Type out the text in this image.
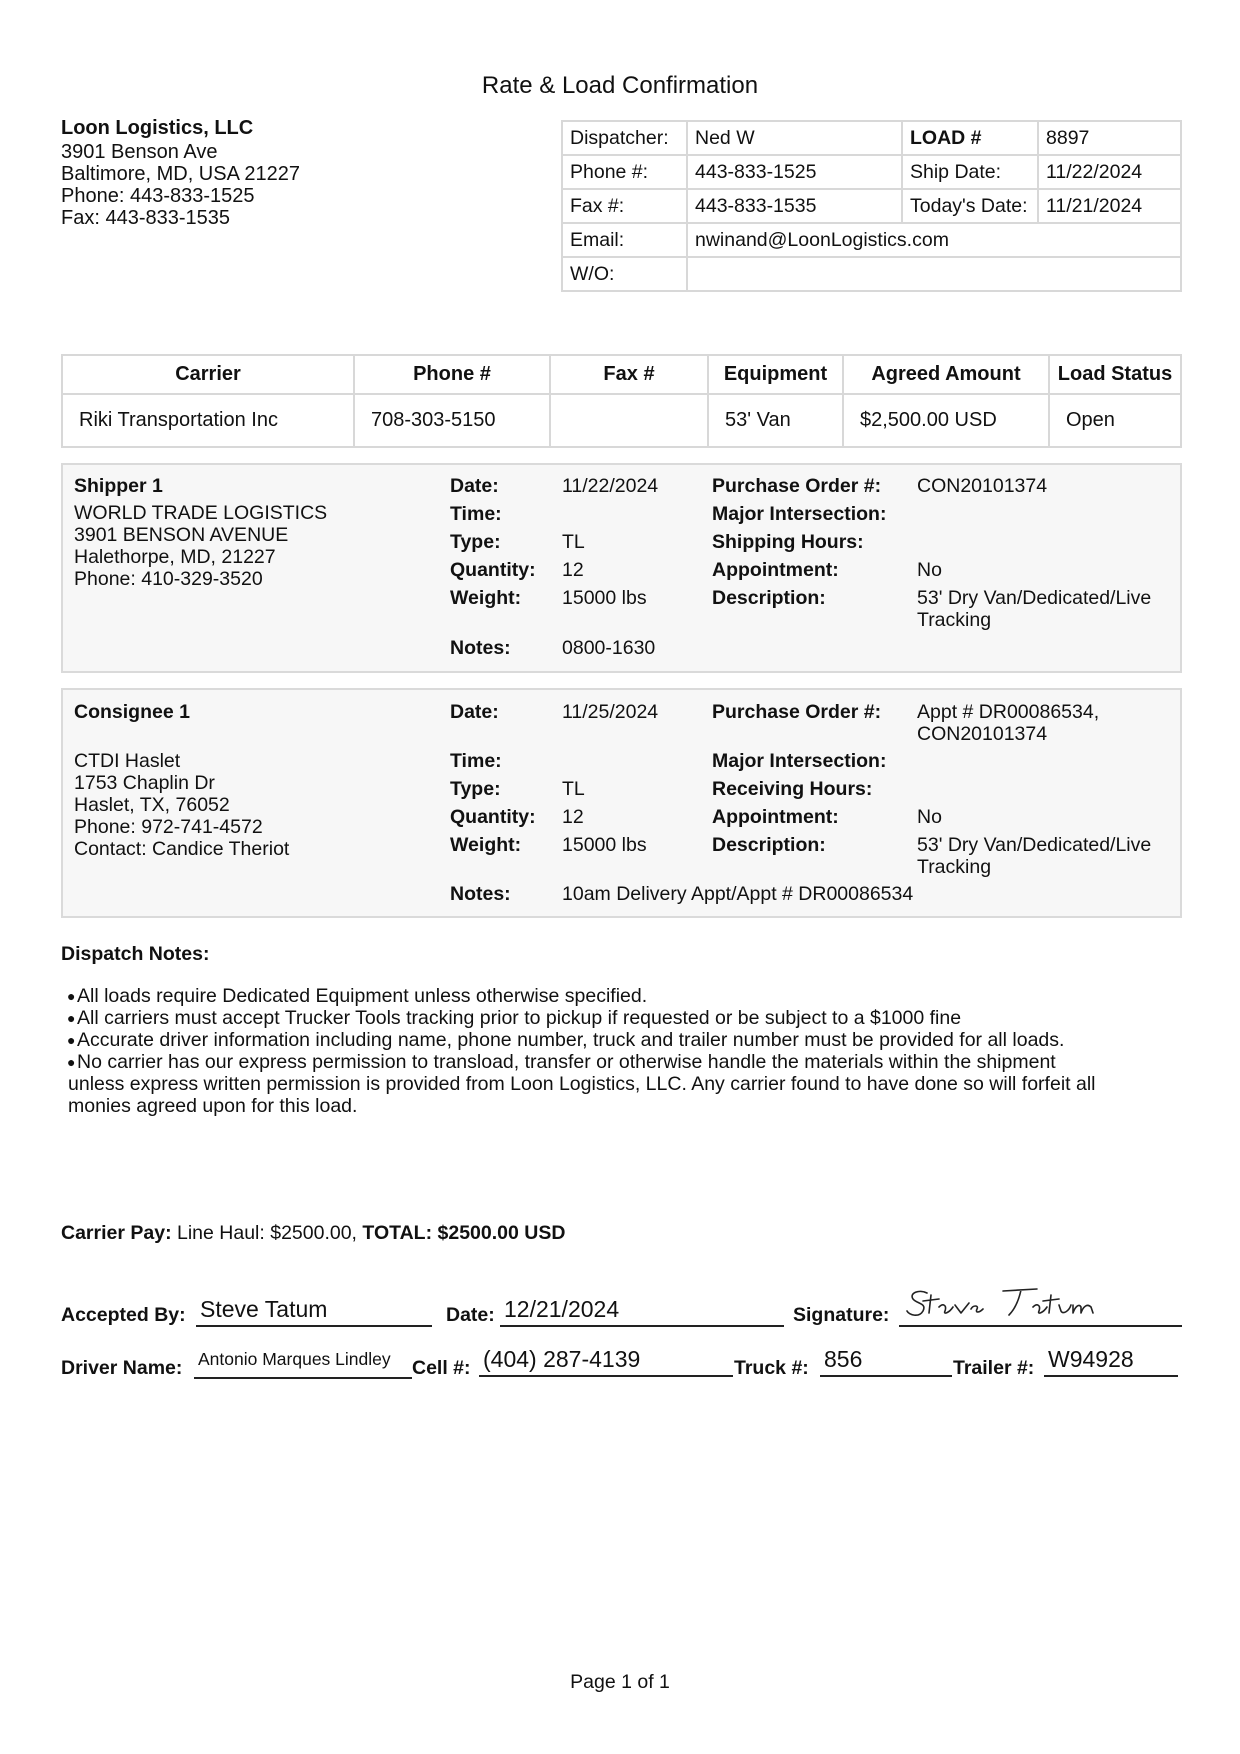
Rate & Load Confirmation
Loon Logistics, LLC
3901 Benson Ave
Baltimore, MD, USA 21227
Phone: 443-833-1525
Fax: 443-833-1535
Dispatcher:	Ned W	LOAD #	8897
Phone #:	443-833-1525	Ship Date:	11/22/2024
Fax #:	443-833-1535	Today's Date:	11/21/2024
Email:	nwinand@LoonLogistics.com		
W/O:			
Carrier	Phone #	Fax #	Equipment	Agreed Amount	Load Status
Riki Transportation Inc	708-303-5150		53' Van	$2,500.00 USD	Open
Shipper 1
WORLD TRADE LOGISTICS
3901 BENSON AVENUE
Halethorpe, MD, 21227
Phone: 410-329-3520
Date:	11/22/2024
Time:
Type:	TL
Quantity: 12
Weight: 15000 lbs
Notes:	0800-1630
Purchase Order #: CON20101374
Major Intersection:
Shipping Hours:
Appointment:	No
Description:	53' Dry Van/Dedicated/Live
Tracking
Consignee 1
CTDI Haslet
1753 Chaplin Dr
Haslet, TX, 76052
Phone: 972-741-4572
Contact: Candice Theriot
Date:	11/25/2024
Time:
Type:	TL
Quantity: 12
Weight: 15000 lbs
Notes:	10am Delivery Appt/Appt # DR00086534
Purchase Order #: Appt # DR00086534,
CON20101374
Major Intersection:
Receiving Hours:
Appointment:	No
Description:	53' Dry Van/Dedicated/Live
Tracking
Dispatch Notes:
●All loads require Dedicated Equipment unless otherwise specified.
●All carriers must accept Trucker Tools tracking prior to pickup if requested or be subject to a $1000 fine
●Accurate driver information including name, phone number, truck and trailer number must be provided for all loads.
●No carrier has our express permission to transload, transfer or otherwise handle the materials within the shipment
unless express written permission is provided from Loon Logistics, LLC. Any carrier found to have done so will forfeit all
monies agreed upon for this load.
Carrier Pay: Line Haul: $2500.00, TOTAL: $2500.00 USD
Accepted By: Steve Tatum	Date: 12/21/2024	Signature:
Driver Name: Antonio Marques Lindley	Cell #: (404) 287-4139	Truck #: 856	Trailer #: W94928
Page 1 of 1
